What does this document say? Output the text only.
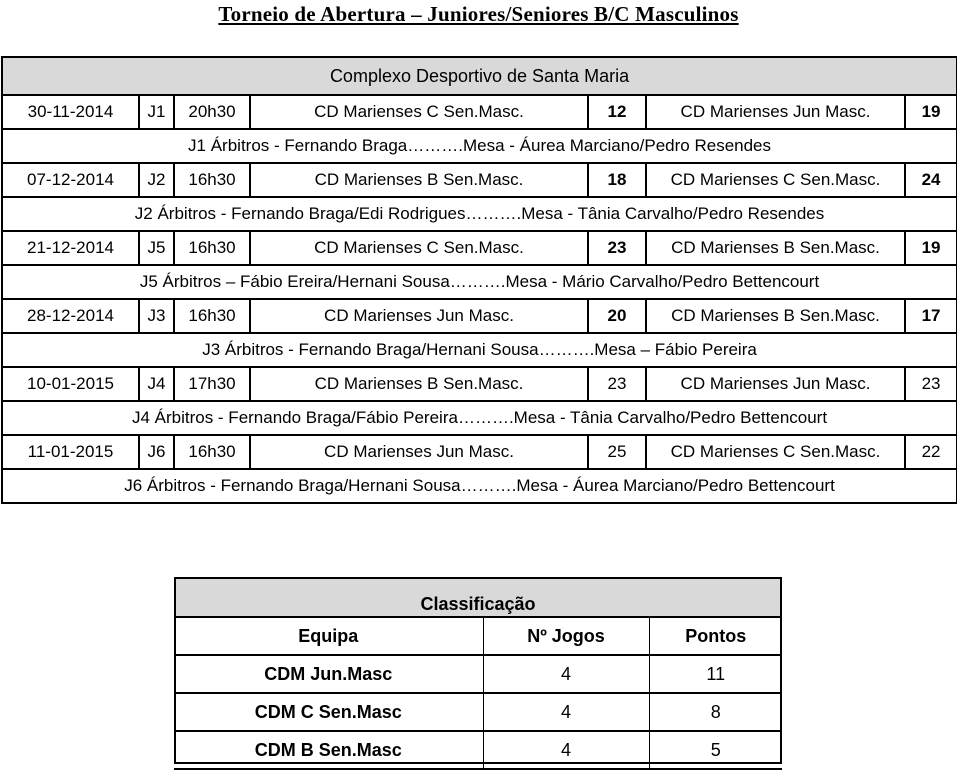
Torneio de Abertura – Juniores/Seniores B/C Masculinos
Complexo Desportivo de Santa Maria						
30-11-2014	J1	20h30	CD Marienses C Sen.Masc.	12	CD Marienses Jun Masc.	19
J1 Árbitros - Fernando Braga……….Mesa - Áurea Marciano/Pedro Resendes						
07-12-2014	J2	16h30	CD Marienses B Sen.Masc.	18	CD Marienses C Sen.Masc.	24
J2 Árbitros - Fernando Braga/Edi Rodrigues……….Mesa - Tânia Carvalho/Pedro Resendes						
21-12-2014	J5	16h30	CD Marienses C Sen.Masc.	23	CD Marienses B Sen.Masc.	19
J5 Árbitros – Fábio Ereira/Hernani Sousa……….Mesa - Mário Carvalho/Pedro Bettencourt						
28-12-2014	J3	16h30	CD Marienses Jun Masc.	20	CD Marienses B Sen.Masc.	17
J3 Árbitros - Fernando Braga/Hernani Sousa……….Mesa – Fábio Pereira						
10-01-2015	J4	17h30	CD Marienses B Sen.Masc.	23	CD Marienses Jun Masc.	23
J4 Árbitros - Fernando Braga/Fábio Pereira……….Mesa - Tânia Carvalho/Pedro Bettencourt						
11-01-2015	J6	16h30	CD Marienses Jun Masc.	25	CD Marienses C Sen.Masc.	22
J6 Árbitros - Fernando Braga/Hernani Sousa……….Mesa - Áurea Marciano/Pedro Bettencourt						
Classificação		
Equipa	Nº Jogos	Pontos
CDM Jun.Masc	4	11
CDM C Sen.Masc	4	8
CDM B Sen.Masc	4	5
